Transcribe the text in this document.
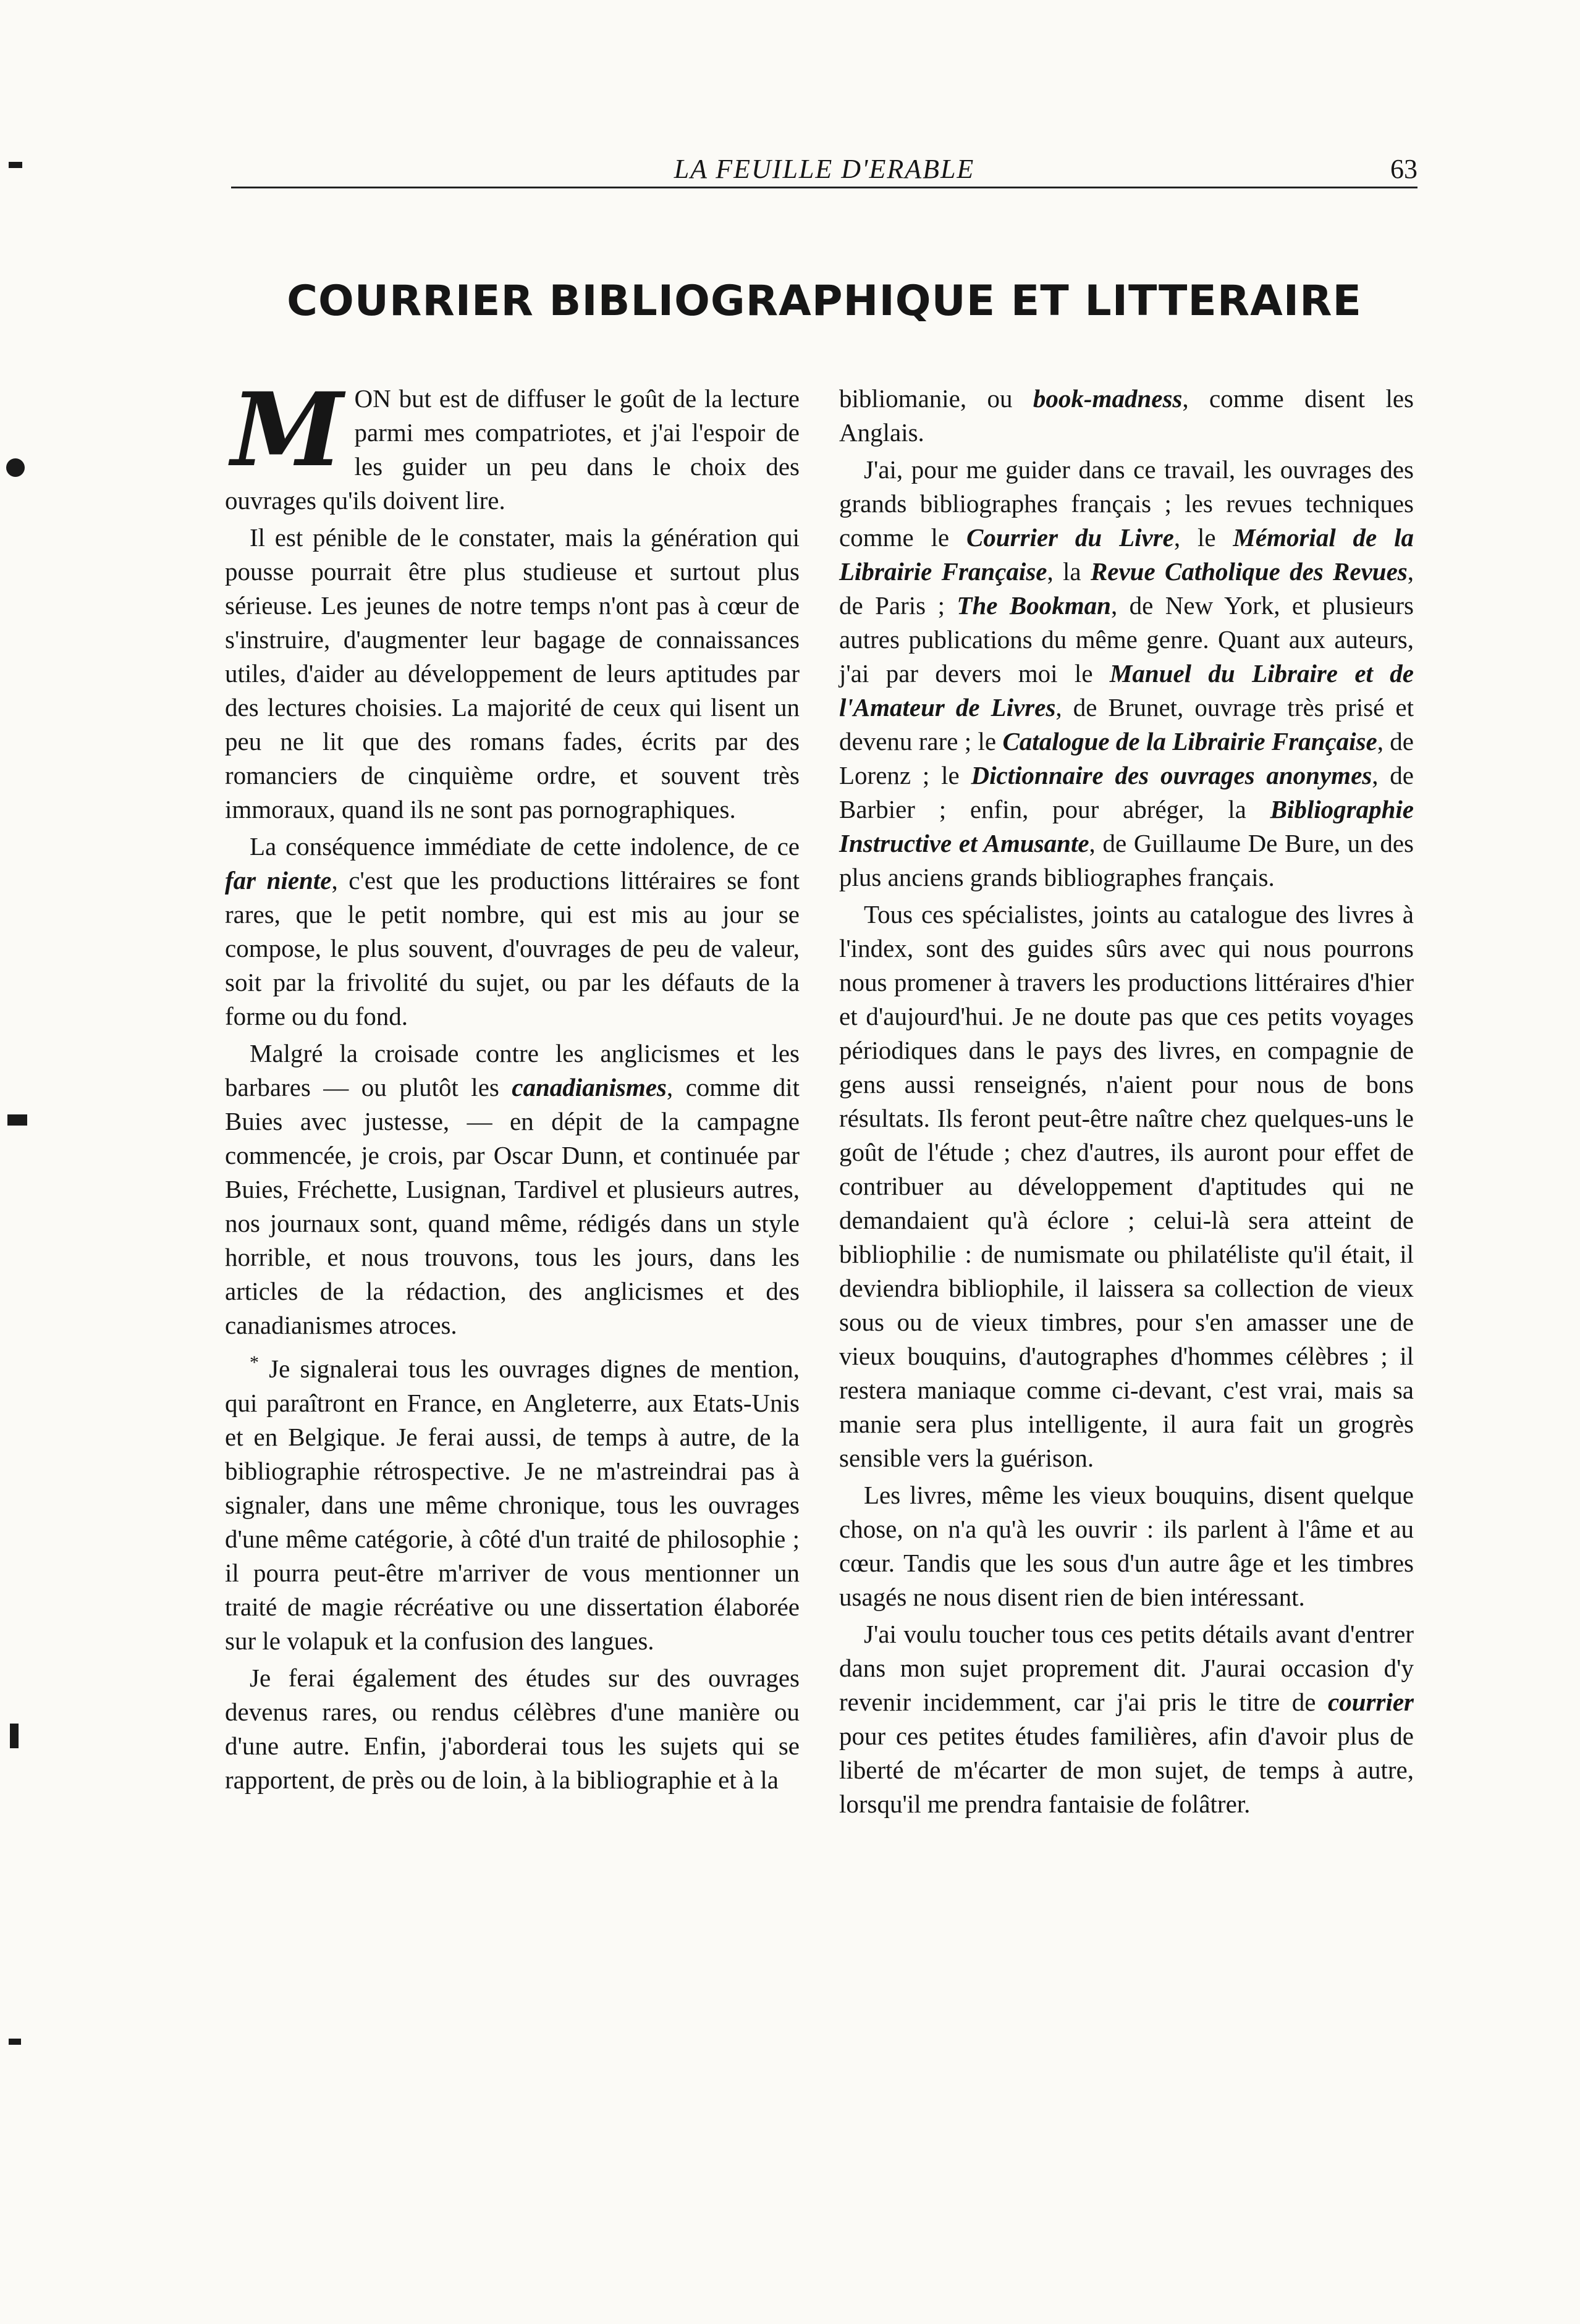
LA FEUILLE D'ERABLE	63
COURRIER BIBLIOGRAPHIQUE ET LITTERAIRE

MON but est de diffuser le goût de la lecture parmi mes compatriotes, et j'ai l'espoir de les guider un peu dans le choix des ouvrages qu'ils doivent lire.

Il est pénible de le constater, mais la génération qui pousse pourrait être plus studieuse et surtout plus sérieuse. Les jeunes de notre temps n'ont pas à cœur de s'instruire, d'augmenter leur bagage de connaissances utiles, d'aider au développement de leurs aptitudes par des lectures choisies. La majorité de ceux qui lisent un peu ne lit que des romans fades, écrits par des romanciers de cinquième ordre, et souvent très immoraux, quand ils ne sont pas pornographiques.

La conséquence immédiate de cette indolence, de ce far niente, c'est que les productions littéraires se font rares, que le petit nombre, qui est mis au jour se compose, le plus souvent, d'ouvrages de peu de valeur, soit par la frivolité du sujet, ou par les défauts de la forme ou du fond.

Malgré la croisade contre les anglicismes et les barbares — ou plutôt les canadianismes, comme dit Buies avec justesse, — en dépit de la campagne commencée, je crois, par Oscar Dunn, et continuée par Buies, Fréchette, Lusignan, Tardivel et plusieurs autres, nos journaux sont, quand même, rédigés dans un style horrible, et nous trouvons, tous les jours, dans les articles de la rédaction, des anglicismes et des canadianismes atroces.

* Je signalerai tous les ouvrages dignes de mention, qui paraîtront en France, en Angleterre, aux Etats-Unis et en Belgique. Je ferai aussi, de temps à autre, de la bibliographie rétrospective. Je ne m'astreindrai pas à signaler, dans une même chronique, tous les ouvrages d'une même catégorie, à côté d'un traité de philosophie ; il pourra peut-être m'arriver de vous mentionner un traité de magie récréative ou une dissertation élaborée sur le volapuk et la confusion des langues.

Je ferai également des études sur des ouvrages devenus rares, ou rendus célèbres d'une manière ou d'une autre. Enfin, j'aborderai tous les sujets qui se rapportent, de près ou de loin, à la bibliographie et à la

bibliomanie, ou book-madness, comme disent les Anglais.

J'ai, pour me guider dans ce travail, les ouvrages des grands bibliographes français ; les revues techniques comme le Courrier du Livre, le Mémorial de la Librairie Française, la Revue Catholique des Revues, de Paris ; The Bookman, de New York, et plusieurs autres publications du même genre. Quant aux auteurs, j'ai par devers moi le Manuel du Libraire et de l'Amateur de Livres, de Brunet, ouvrage très prisé et devenu rare ; le Catalogue de la Librairie Française, de Lorenz ; le Dictionnaire des ouvrages anonymes, de Barbier ; enfin, pour abréger, la Bibliographie Instructive et Amusante, de Guillaume De Bure, un des plus anciens grands bibliographes français.

Tous ces spécialistes, joints au catalogue des livres à l'index, sont des guides sûrs avec qui nous pourrons nous promener à travers les productions littéraires d'hier et d'aujourd'hui. Je ne doute pas que ces petits voyages périodiques dans le pays des livres, en compagnie de gens aussi renseignés, n'aient pour nous de bons résultats. Ils feront peut-être naître chez quelques-uns le goût de l'étude ; chez d'autres, ils auront pour effet de contribuer au développement d'aptitudes qui ne demandaient qu'à éclore ; celui-là sera atteint de bibliophilie : de numismate ou philatéliste qu'il était, il deviendra bibliophile, il laissera sa collection de vieux sous ou de vieux timbres, pour s'en amasser une de vieux bouquins, d'autographes d'hommes célèbres ; il restera maniaque comme ci-devant, c'est vrai, mais sa manie sera plus intelligente, il aura fait un grogrès sensible vers la guérison.

Les livres, même les vieux bouquins, disent quelque chose, on n'a qu'à les ouvrir : ils parlent à l'âme et au cœur. Tandis que les sous d'un autre âge et les timbres usagés ne nous disent rien de bien intéressant.

J'ai voulu toucher tous ces petits détails avant d'entrer dans mon sujet proprement dit. J'aurai occasion d'y revenir incidemment, car j'ai pris le titre de courrier pour ces petites études familières, afin d'avoir plus de liberté de m'écarter de mon sujet, de temps à autre, lorsqu'il me prendra fantaisie de folâtrer.
